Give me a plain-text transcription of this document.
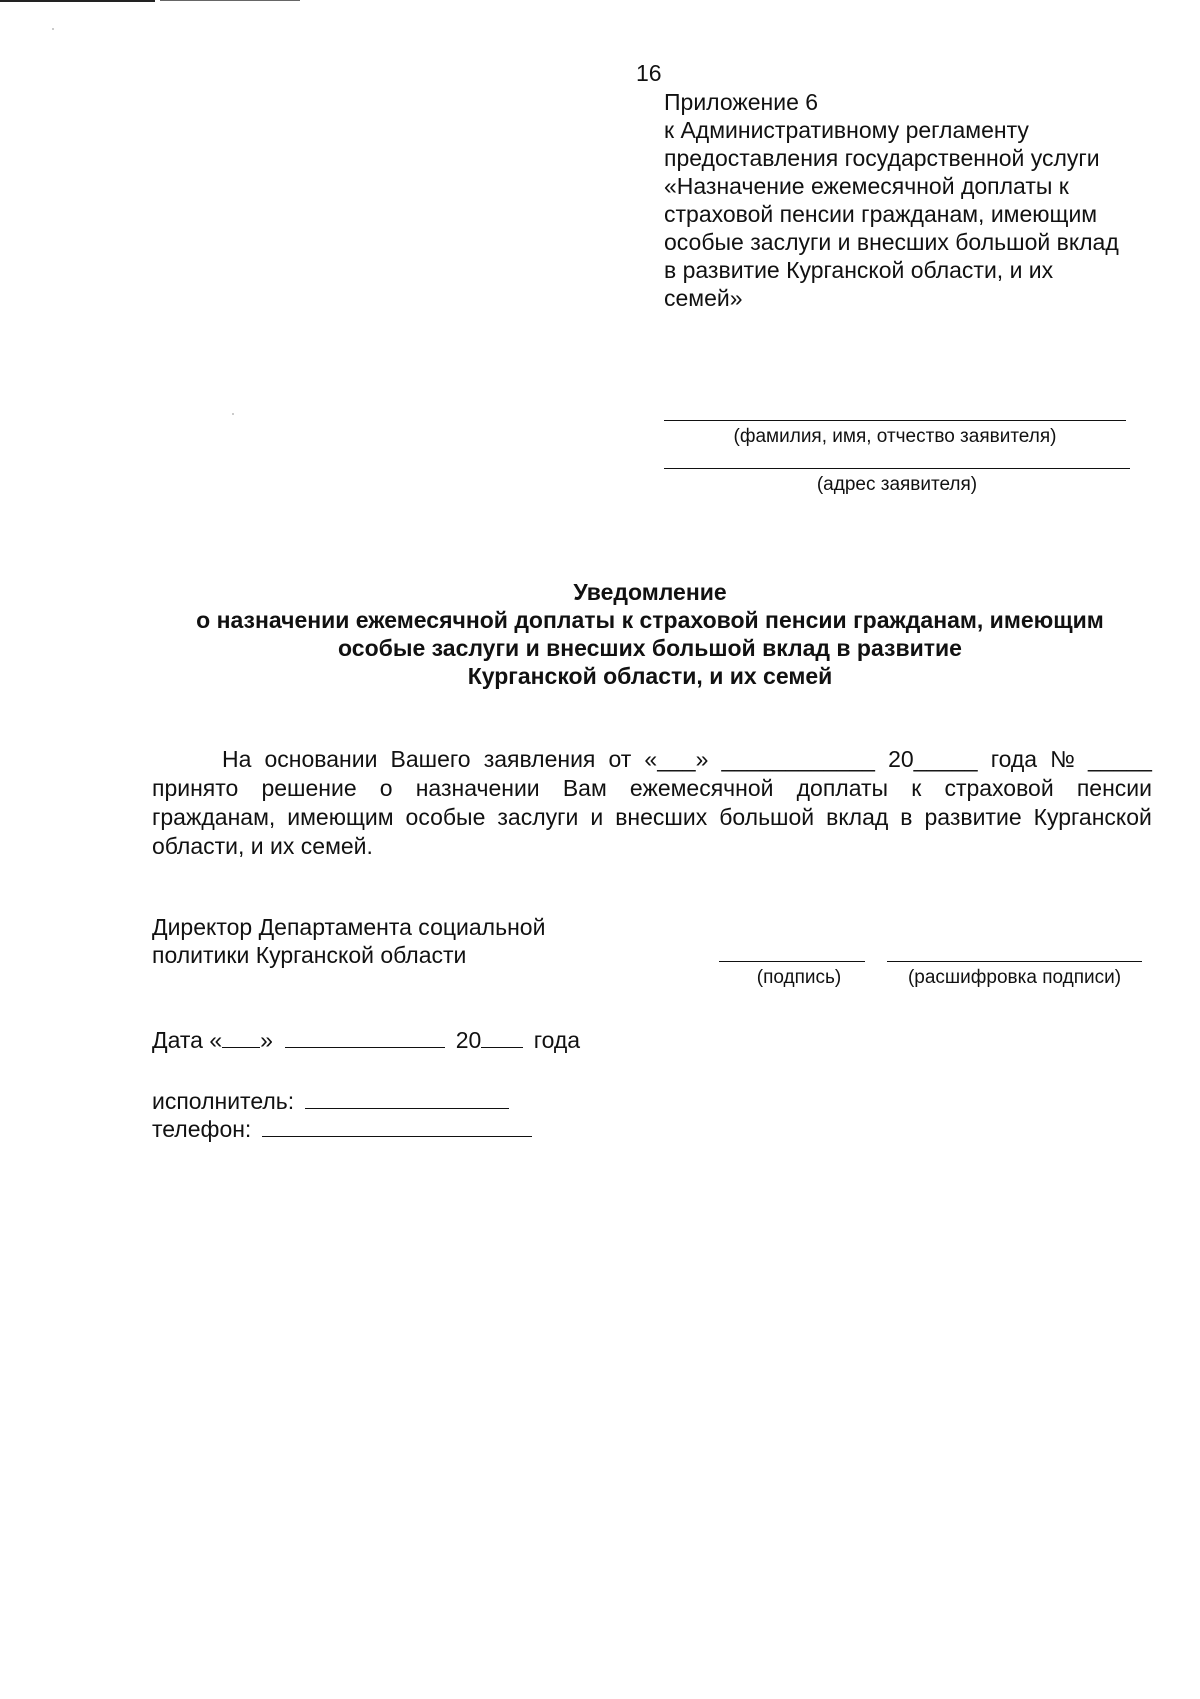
16
Приложение 6
к Административному регламенту
предоставления государственной услуги
«Назначение ежемесячной доплаты к
страховой пенсии гражданам, имеющим
особые заслуги и внесших большой вклад
в развитие Курганской области, и их
семей»
(фамилия, имя, отчество заявителя)
(адрес заявителя)
Уведомление
о назначении ежемесячной доплаты к страховой пенсии гражданам, имеющим
особые заслуги и внесших большой вклад в развитие
Курганской области, и их семей
На основании Вашего заявления от «___» ____________ 20_____ года № _____
принято решение о назначении Вам ежемесячной доплаты к страховой пенсии
гражданам, имеющим особые заслуги и внесших большой вклад в развитие Курганской
области, и их семей.
Директор Департамента социальной
политики Курганской области
(подпись)	(расшифровка подписи)
Дата « »	20 года
исполнитель:
телефон:
